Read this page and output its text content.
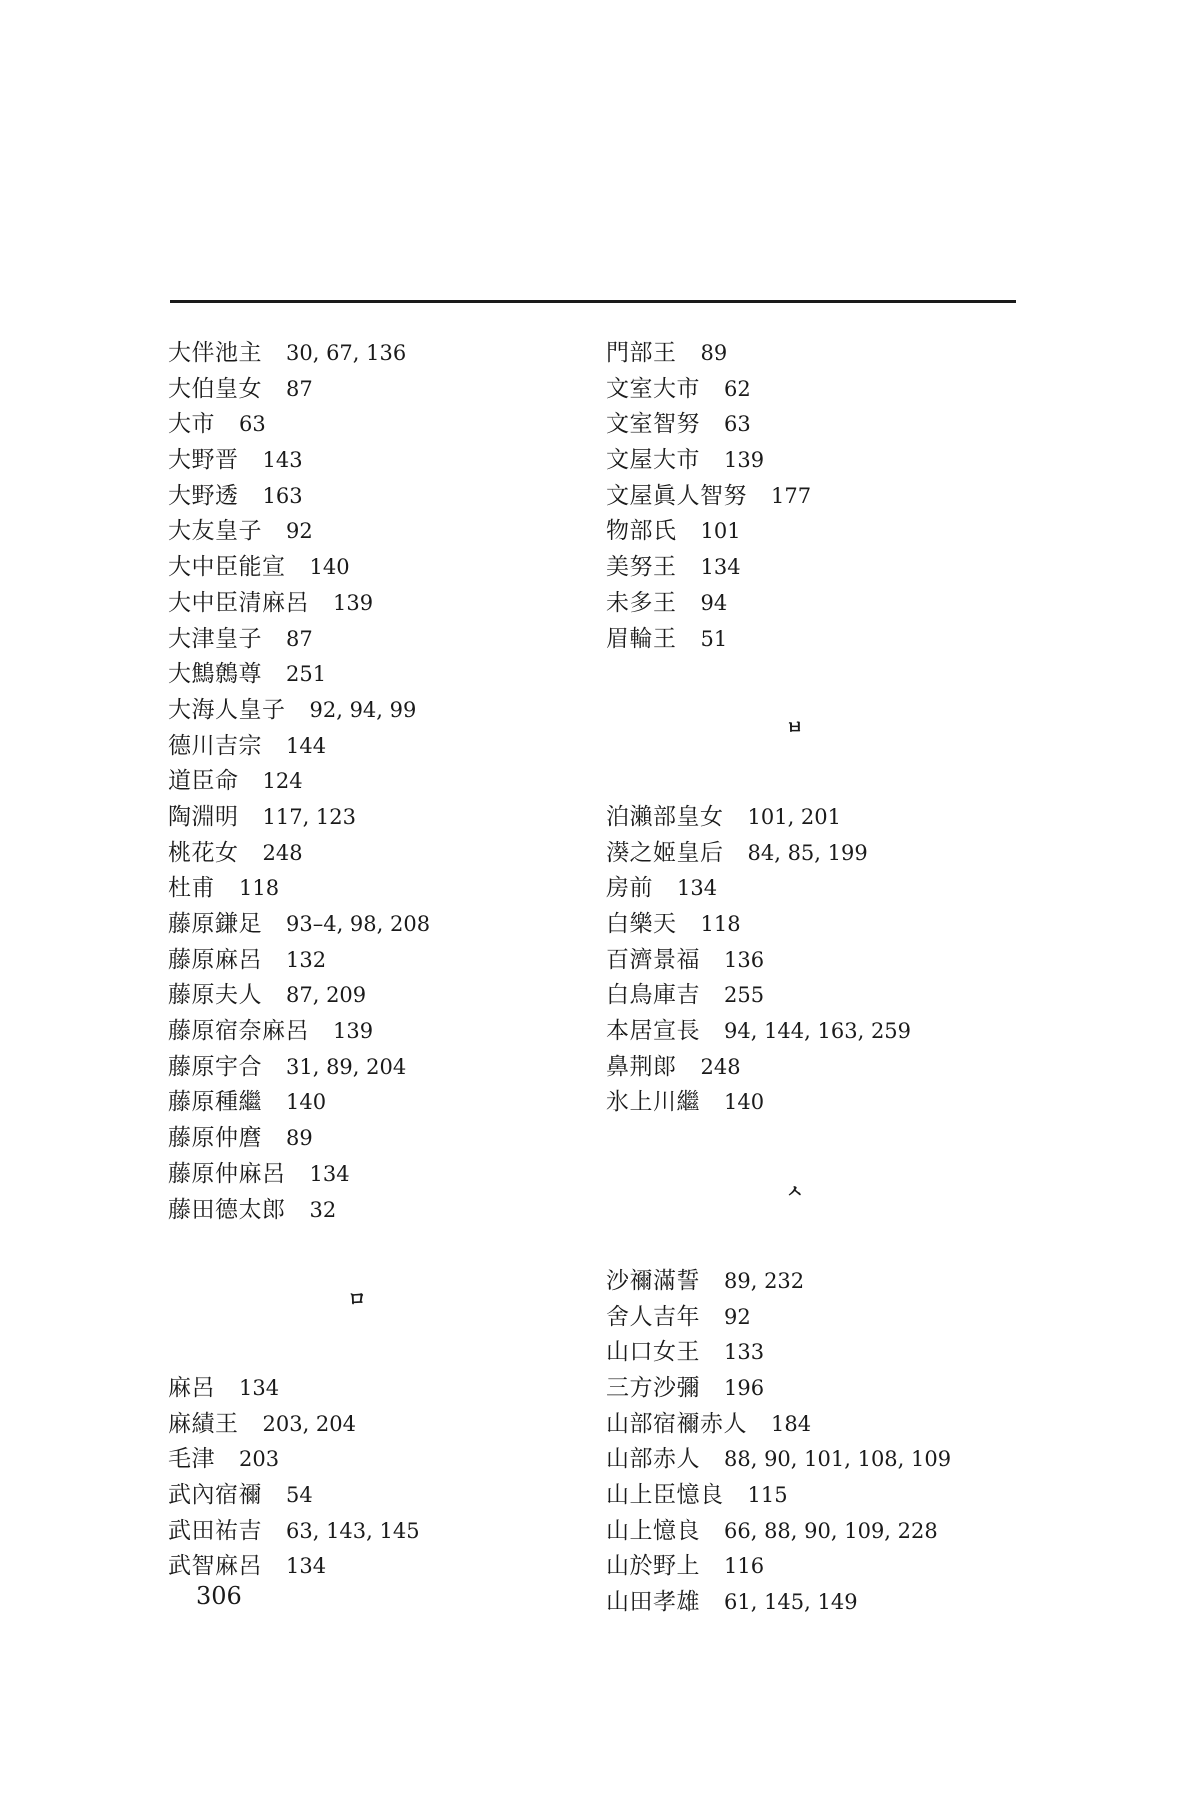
大伴池主 30, 67, 136
大伯皇女 87
大市 63
大野晋 143
大野透 163
大友皇子 92
大中臣能宣 140
大中臣清麻呂 139
大津皇子 87
大鷦鷯尊 251
大海人皇子 92, 94, 99
德川吉宗 144
道臣命 124
陶淵明 117, 123
桃花女 248
杜甫 118
藤原鎌足 93–4, 98, 208
藤原麻呂 132
藤原夫人 87, 209
藤原宿奈麻呂 139
藤原宇合 31, 89, 204
藤原種繼 140
藤原仲麿 89
藤原仲麻呂 134
藤田德太郎 32
ロ
麻呂 134
麻績王 203, 204
毛津 203
武內宿禰 54
武田祐吉 63, 143, 145
武智麻呂 134
門部王 89
文室大市 62
文室智努 63
文屋大市 139
文屋眞人智努 177
物部氏 101
美努王 134
未多王 94
眉輪王 51
ㅂ
泊瀨部皇女 101, 201
𣿮之姬皇后 84, 85, 199
房前 134
白樂天 118
百濟景福 136
白鳥庫吉 255
本居宣長 94, 144, 163, 259
鼻荆郞 248
氷上川繼 140
ㅅ
沙禰滿誓 89, 232
舍人吉年 92
山口女王 133
三方沙彌 196
山部宿禰赤人 184
山部赤人 88, 90, 101, 108, 109
山上臣憶良 115
山上憶良 66, 88, 90, 109, 228
山於野上 116
山田孝雄 61, 145, 149
306
